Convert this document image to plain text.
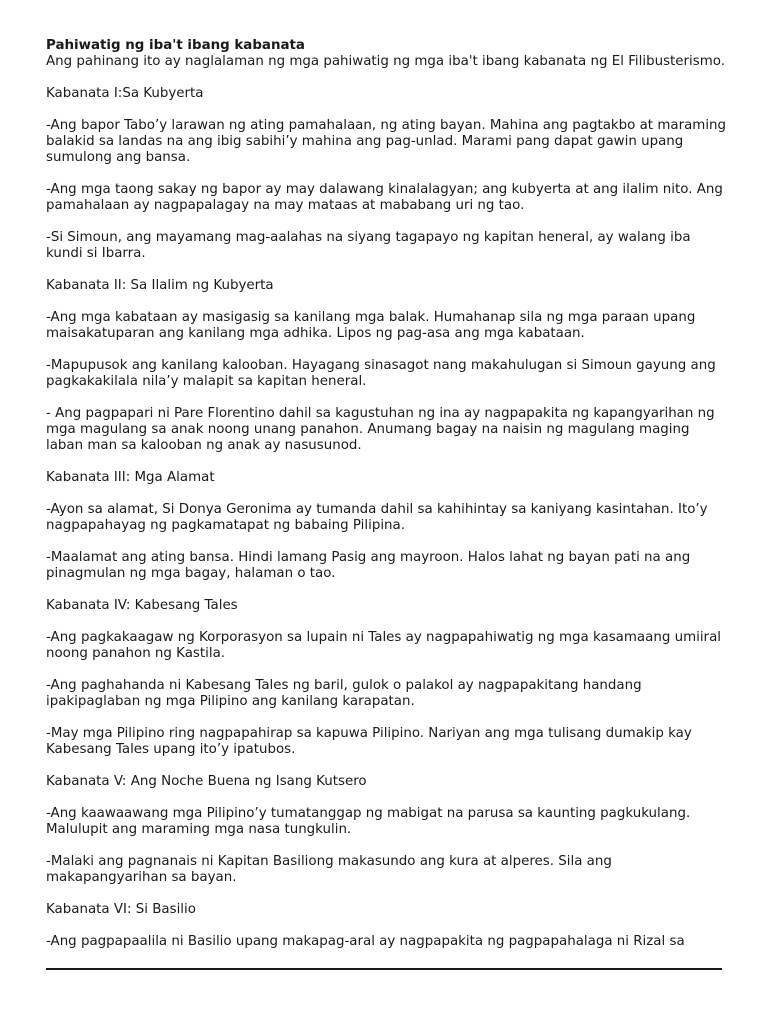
Pahiwatig ng iba't ibang kabanata

Ang pahinang ito ay naglalaman ng mga pahiwatig ng mga iba't ibang kabanata ng El Filibusterismo.

Kabanata I:Sa Kubyerta

-Ang bapor Tabo’y larawan ng ating pamahalaan, ng ating bayan. Mahina ang pagtakbo at maraming balakid sa landas na ang ibig sabihi’y mahina ang pag-unlad. Marami pang dapat gawin upang sumulong ang bansa.

-Ang mga taong sakay ng bapor ay may dalawang kinalalagyan; ang kubyerta at ang ilalim nito. Ang pamahalaan ay nagpapalagay na may mataas at mababang uri ng tao.

-Si Simoun, ang mayamang mag-aalahas na siyang tagapayo ng kapitan heneral, ay walang iba kundi si Ibarra.

Kabanata II: Sa Ilalim ng Kubyerta

-Ang mga kabataan ay masigasig sa kanilang mga balak. Humahanap sila ng mga paraan upang maisakatuparan ang kanilang mga adhika. Lipos ng pag-asa ang mga kabataan.

-Mapupusok ang kanilang kalooban. Hayagang sinasagot nang makahulugan si Simoun gayung ang pagkakakilala nila’y malapit sa kapitan heneral.

- Ang pagpapari ni Pare Florentino dahil sa kagustuhan ng ina ay nagpapakita ng kapangyarihan ng mga magulang sa anak noong unang panahon. Anumang bagay na naisin ng magulang maging laban man sa kalooban ng anak ay nasusunod.

Kabanata III: Mga Alamat

-Ayon sa alamat, Si Donya Geronima ay tumanda dahil sa kahihintay sa kaniyang kasintahan. Ito’y nagpapahayag ng pagkamatapat ng babaing Pilipina.

-Maalamat ang ating bansa. Hindi lamang Pasig ang mayroon. Halos lahat ng bayan pati na ang pinagmulan ng mga bagay, halaman o tao.

Kabanata IV: Kabesang Tales

-Ang pagkakaagaw ng Korporasyon sa lupain ni Tales ay nagpapahiwatig ng mga kasamaang umiiral noong panahon ng Kastila.

-Ang paghahanda ni Kabesang Tales ng baril, gulok o palakol ay nagpapakitang handang ipakipaglaban ng mga Pilipino ang kanilang karapatan.

-May mga Pilipino ring nagpapahirap sa kapuwa Pilipino. Nariyan ang mga tulisang dumakip kay Kabesang Tales upang ito’y ipatubos.

Kabanata V: Ang Noche Buena ng Isang Kutsero

-Ang kaawaawang mga Pilipino’y tumatanggap ng mabigat na parusa sa kaunting pagkukulang. Malulupit ang maraming mga nasa tungkulin.

-Malaki ang pagnanais ni Kapitan Basiliong makasundo ang kura at alperes. Sila ang makapangyarihan sa bayan.

Kabanata VI: Si Basilio

-Ang pagpapaalila ni Basilio upang makapag-aral ay nagpapakita ng pagpapahalaga ni Rizal sa
